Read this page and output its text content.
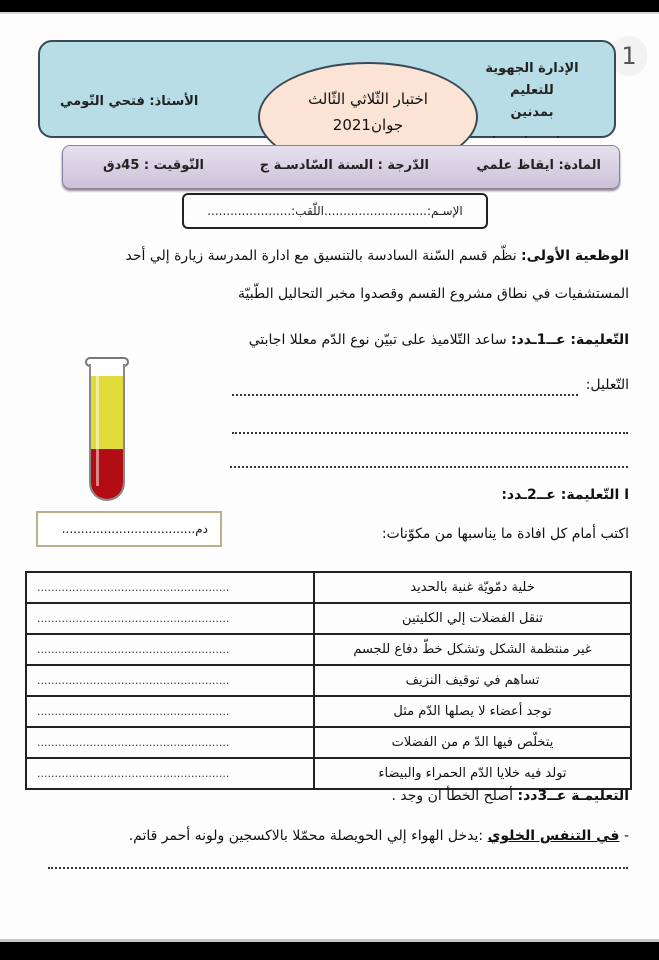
1
الإدارة الجهوية للتعليم
بمدنين
. . .
اختبار الثّلاثي الثّالث
جوان2021
الأستاذ: فتحي التّومي
المادة: ايقاظ علمي
الدّرجة : السنة السّادسـة ج
التّوقيت : 45دق
الإسـم:...........................اللّقب:......................
الوظعية الأولى: نظّم قسم السّنة السادسة بالتنسيق مع ادارة المدرسة زيارة إلي أحد
المستشفيات في نطاق مشروع القسم وقصدوا مخبر التحاليل الطّبيّة
التّعليمة: عــ1ـدد: ساعد التّلاميذ على تبيّن نوع الدّم معللا اجابتي
التّعليل:
دم...................................
ا التّعليمة: عــ2ـدد:
اكتب أمام كل افادة ما يناسبها من مكوّنات:
خلية دمّويّة غنية بالحديد	.......................................................
تنقل الفضلات إلي الكليتين	.......................................................
غير منتظمة الشكل وتشكل خطّ دفاع للجسم	.......................................................
تساهم في توقيف النزيف	.......................................................
توجد أعضاء لا يصلها الدّم مثل	.......................................................
يتخلّص فيها الدّ م من الفضلات	.......................................................
تولد فيه خلايا الدّم الحمراء والبيضاء	.......................................................
التعليمـة عــ3دد: أصلح الخطأ ان وجد .
- في التنفس الخلوي :يدخل الهواء إلي الحويصلة محمّلا بالاكسجين ولونه أحمر قاتم.
